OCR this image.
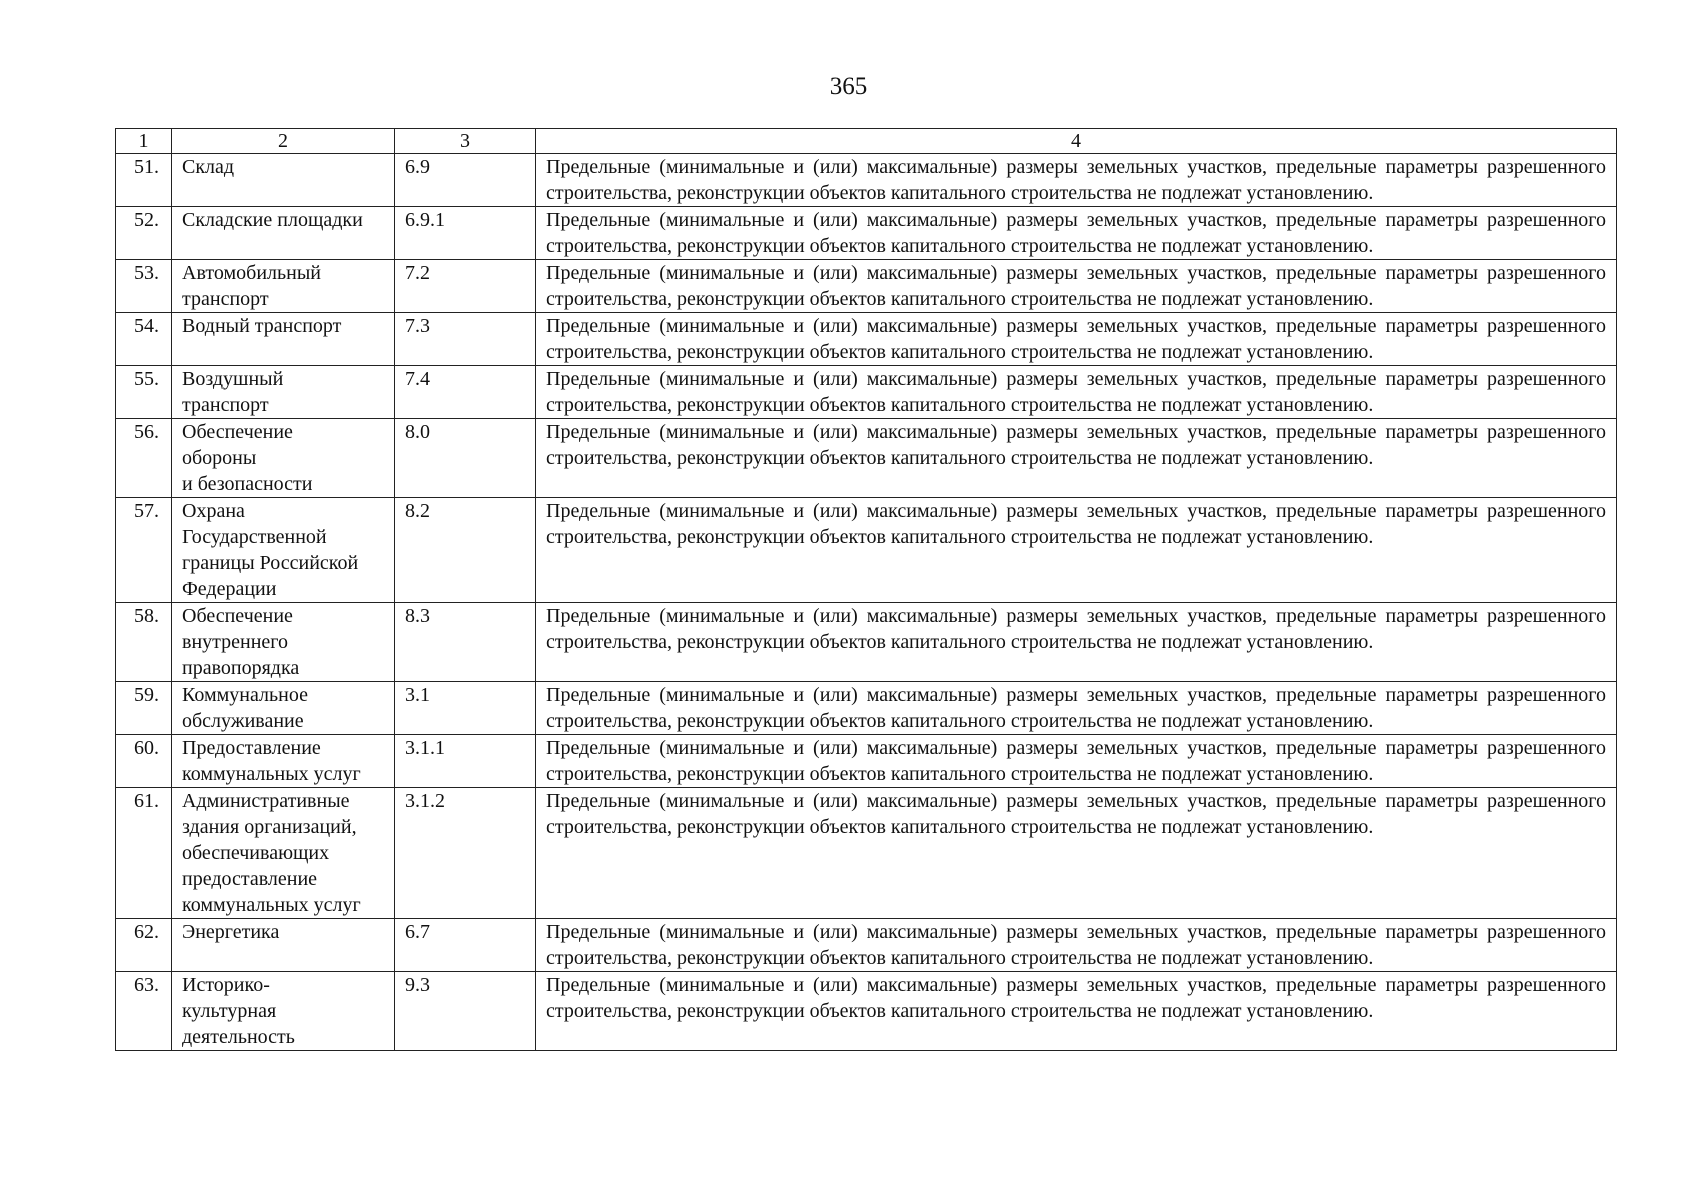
365
1	2	3	4
51.	Склад	6.9	Предельные (минимальные и (или) максимальные) размеры земельных участков, предельные параметры разрешенного строительства, реконструкции объектов капитального строительства не подлежат установлению.
52.	Складские площадки	6.9.1	Предельные (минимальные и (или) максимальные) размеры земельных участков, предельные параметры разрешенного строительства, реконструкции объектов капитального строительства не подлежат установлению.
53.	Автомобильный
транспорт	7.2	Предельные (минимальные и (или) максимальные) размеры земельных участков, предельные параметры разрешенного строительства, реконструкции объектов капитального строительства не подлежат установлению.
54.	Водный транспорт	7.3	Предельные (минимальные и (или) максимальные) размеры земельных участков, предельные параметры разрешенного строительства, реконструкции объектов капитального строительства не подлежат установлению.
55.	Воздушный
транспорт	7.4	Предельные (минимальные и (или) максимальные) размеры земельных участков, предельные параметры разрешенного строительства, реконструкции объектов капитального строительства не подлежат установлению.
56.	Обеспечение
обороны
и безопасности	8.0	Предельные (минимальные и (или) максимальные) размеры земельных участков, предельные параметры разрешенного строительства, реконструкции объектов капитального строительства не подлежат установлению.
57.	Охрана
Государственной
границы Российской
Федерации	8.2	Предельные (минимальные и (или) максимальные) размеры земельных участков, предельные параметры разрешенного строительства, реконструкции объектов капитального строительства не подлежат установлению.
58.	Обеспечение
внутреннего
правопорядка	8.3	Предельные (минимальные и (или) максимальные) размеры земельных участков, предельные параметры разрешенного строительства, реконструкции объектов капитального строительства не подлежат установлению.
59.	Коммунальное
обслуживание	3.1	Предельные (минимальные и (или) максимальные) размеры земельных участков, предельные параметры разрешенного строительства, реконструкции объектов капитального строительства не подлежат установлению.
60.	Предоставление
коммунальных услуг	3.1.1	Предельные (минимальные и (или) максимальные) размеры земельных участков, предельные параметры разрешенного строительства, реконструкции объектов капитального строительства не подлежат установлению.
61.	Административные
здания организаций,
обеспечивающих
предоставление
коммунальных услуг	3.1.2	Предельные (минимальные и (или) максимальные) размеры земельных участков, предельные параметры разрешенного строительства, реконструкции объектов капитального строительства не подлежат установлению.
62.	Энергетика	6.7	Предельные (минимальные и (или) максимальные) размеры земельных участков, предельные параметры разрешенного строительства, реконструкции объектов капитального строительства не подлежат установлению.
63.	Историко-
культурная
деятельность	9.3	Предельные (минимальные и (или) максимальные) размеры земельных участков, предельные параметры разрешенного строительства, реконструкции объектов капитального строительства не подлежат установлению.
